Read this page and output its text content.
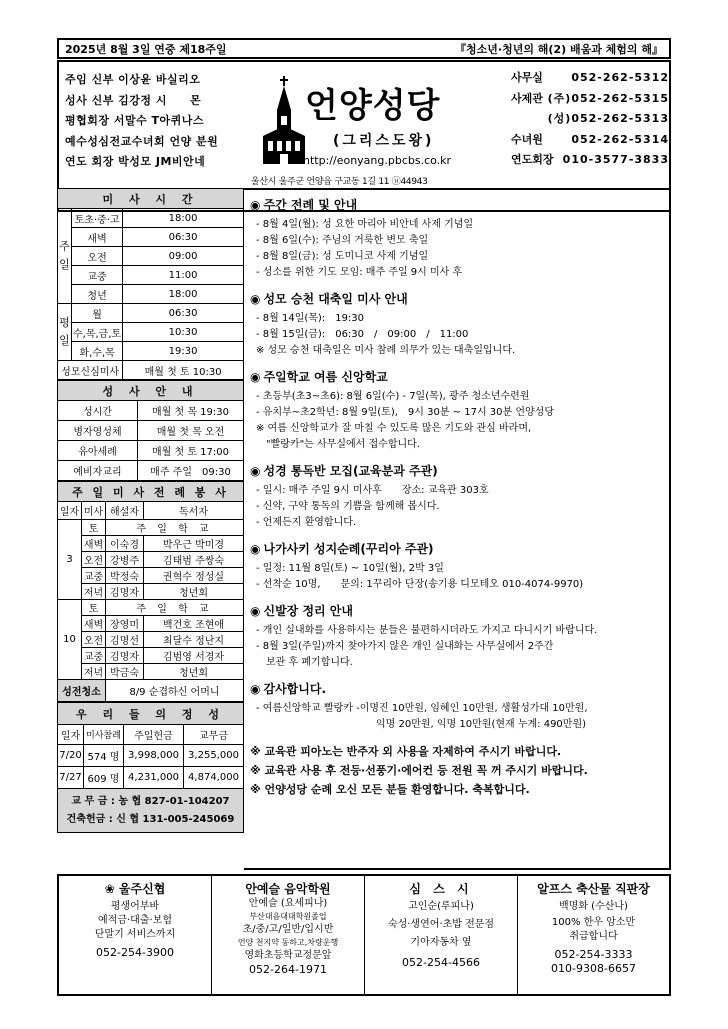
2025년 8월 3일 연중 제18주일	『청소년·청년의 해(2) 배움과 체험의 해』
주임 신부 이상윤 바실리오
성사 신부 김강정 시　　몬
평협회장 서말수 T아퀴나스
예수성심전교수녀회 언양 분원
연도 회장 박성모 JM비안네
언양성당
(그리스도왕)
http://eonyang.pbcbs.co.kr
울산시 울주군 언양읍 구교동 1길 11 ⓤ44943
사무실	052-262-5312
사제관 (주)052-262-5315
(성)052-262-5313
수녀원	052-262-5314
연도회장 010-3577-3833
미 사 시 간
주 일	토초·중·고	18:00

새벽	06:30
오전	09:00
교중	11:00
청년	18:00
평 일	월	06:30
수,목,금,토	10:30
화,수,목	19:30
성모신심미사	매월 첫 토 10:30
성 사 안 내	
성시간	매월 첫 목 19:30
병자영성체	매월 첫 목 오전
유아세례	매월 첫 토 17:00
예비자교리	매주 주일　09:30
주 일 미 사 전 례 봉 사			
일자	미사	해설자	독서자
3	토	주 일 학 교	
	새벽	이숙경	박우근 박미경
	오전	강병주	김태범 주쌍숙
	교중	박정숙	권혁수 정성실
	저녁	김명자	청년회
10	토	주 일 학 교	
	새벽	장영미	백건호 조현애
	오전	김명선	최달수 정난지
	교중	김명자	김범영 서경자
	저녁	박금숙	청년회
성전청소		8/9 순겹하신 어머니	
우 리 들 의 정 성			
일자	미사참례	주일헌금	교무금
7/20	574 명	3,998,000	3,255,000
7/27	609 명	4,231,000	4,874,000

교 무 금 : 농 협 827-01-104207
건축헌금 : 신 협 131-005-245069			
◉ 주간 전례 및 안내

- 8월 4일(월): 성 요한 마리아 비안네 사제 기념일

- 8월 6일(수): 주님의 거룩한 변모 축일

- 8월 8일(금): 성 도미니코 사제 기념일

- 성소를 위한 기도 모임: 매주 주일 9시 미사 후

◉ 성모 승천 대축일 미사 안내

- 8월 14일(목):　19:30

- 8월 15일(금):　06:30　/　09:00　/　11:00

※ 성모 승천 대축일은 미사 참례 의무가 있는 대축일입니다.

◉ 주일학교 여름 신앙학교

- 초등부(초3~초6): 8월 6일(수) - 7일(목), 광주 청소년수련원

- 유치부~초2학년: 8월 9일(토),　9시 30분 ~ 17시 30분 언양성당

※ 여름 신앙학교가 잘 마칠 수 있도록 많은 기도와 관심 바라며,

　"빨랑카"는 사무실에서 접수합니다.

◉ 성경 통독반 모집(교육분과 주관)

- 일시: 매주 주일 9시 미사후　　장소: 교육관 303호

- 신약, 구약 통독의 기쁨을 함께해 봅시다.

- 언제든지 환영합니다.

◉ 나가사키 성지순례(꾸리아 주관)

- 일정: 11월 8일(토) ~ 10일(월), 2박 3일

- 선착순 10명,　　문의: 1꾸리아 단장(송기용 디모테오 010-4074-9970)

◉ 신발장 정리 안내

- 개인 실내화를 사용하시는 분들은 불편하시더라도 가지고 다니시기 바랍니다.

- 8월 3일(주일)까지 찾아가지 않은 개인 실내화는 사무실에서 2주간

　보관 후 폐기합니다.

◉ 감사합니다.

- 여름신앙학교 빨랑카 -이명진 10만원, 임혜인 10만원, 생활성가대 10만원,

　　　　　　　　　　　　익명 20만원, 익명 10만원(현재 누계: 490만원)

※ 교육관 피아노는 반주자 외 사용을 자제하여 주시기 바랍니다.

※ 교육관 사용 후 전등·선풍기·에어컨 등 전원 꼭 꺼 주시기 바랍니다.

※ 언양성당 순례 오신 모든 분들 환영합니다. 축복합니다.

❀ 울주신협
평생어부바
예적금·대출·보험
단말기 서비스까지
052-254-3900
안예슬 음악학원
안예슬 (요세피나)
부산대음대대학원졸업
초/중/고/일반/입시반
언양 천지약 동하고,차량운행
영화초등학교정문앞
052-264-1971
심 스 시
고인순(루피나)
숙성·생연어·초밥 전문점
기아자동차 옆
052-254-4566
알프스 축산물 직판장
백명화 (수산나)
100% 한우 암소만
취급합니다
052-254-3333
010-9308-6657
